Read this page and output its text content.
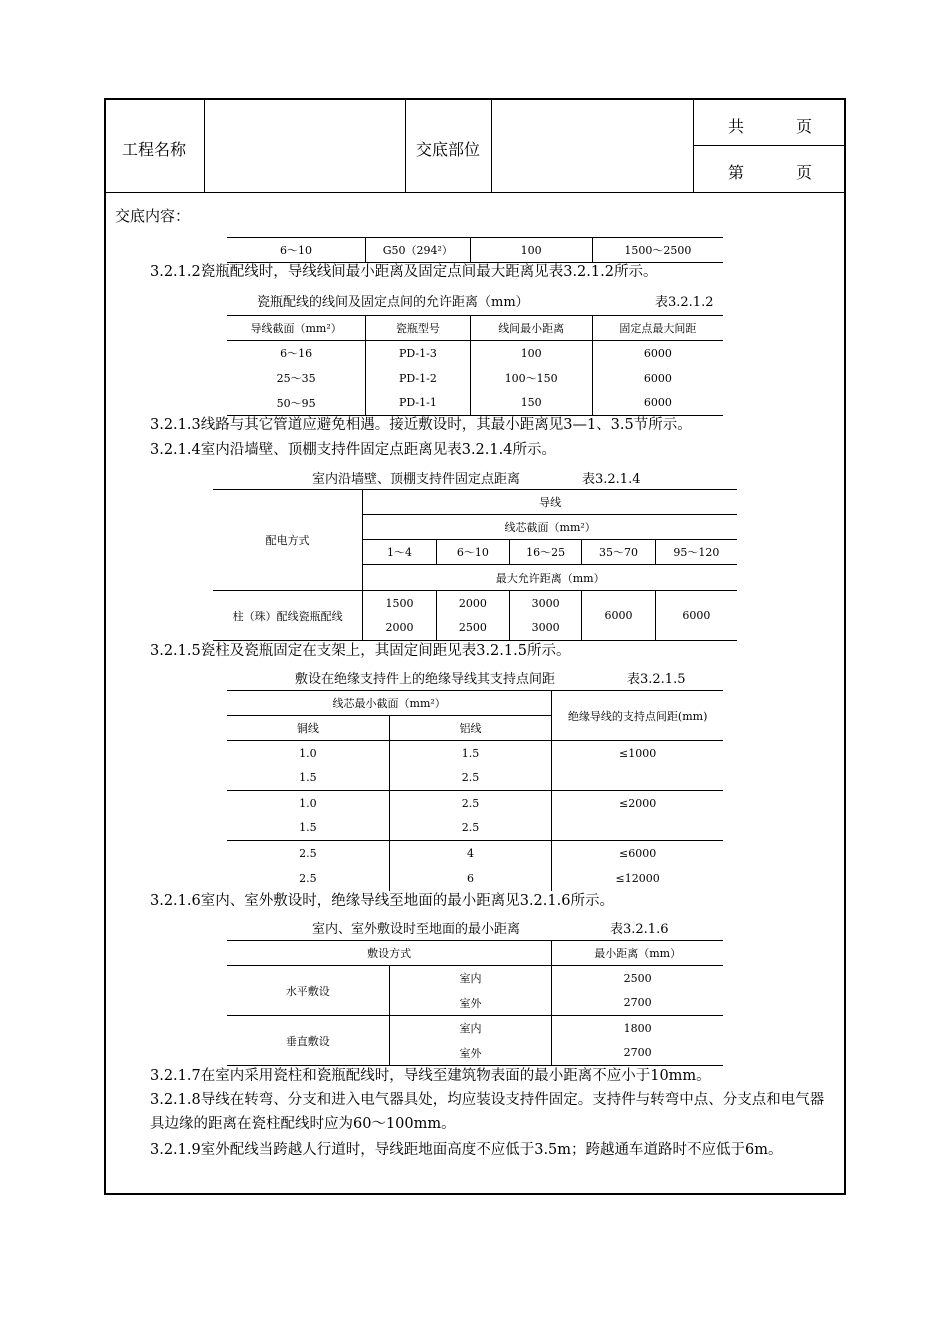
工程名称	交底部位
共	页
第	页
交底内容：
6～10	G50（294²）	100	1500～2500
3.2.1.2瓷瓶配线时，导线线间最小距离及固定点间最大距离见表3.2.1.2所示。
瓷瓶配线的线间及固定点间的允许距离（mm）	表3.2.1.2
导线截面（mm²）	瓷瓶型号	线间最小距离	固定点最大间距
6～16	PD-1-3	100	6000
25～35	PD-1-2	100～150	6000
50～95	PD-1-1	150	6000
3.2.1.3线路与其它管道应避免相遇。接近敷设时，其最小距离见3—1、3.5节所示。
3.2.1.4室内沿墙壁、顶棚支持件固定点距离见表3.2.1.4所示。
室内沿墙壁、顶棚支持件固定点距离	表3.2.1.4
配电方式	导线				
	线芯截面（mm²）				
	1～4	6～10	16～25	35～70	95～120
	最大允许距离（mm）				
柱（珠）配线瓷瓶配线	1500	2000	3000	6000	6000
	2000	2500	3000		
3.2.1.5瓷柱及瓷瓶固定在支架上，其固定间距见表3.2.1.5所示。
敷设在绝缘支持件上的绝缘导线其支持点间距	表3.2.1.5
线芯最小截面（mm²）		绝缘导线的支持点间距(mm)
铜线	铝线	
1.0	1.5	≤1000
1.5	2.5	
1.0	2.5	≤2000
1.5	2.5	
2.5	4	≤6000
2.5	6	≤12000
3.2.1.6室内、室外敷设时，绝缘导线至地面的最小距离见3.2.1.6所示。
室内、室外敷设时至地面的最小距离	表3.2.1.6
敷设方式		最小距离（mm）
水平敷设	室内	2500
	室外	2700
垂直敷设	室内	1800
	室外	2700
3.2.1.7在室内采用瓷柱和瓷瓶配线时，导线至建筑物表面的最小距离不应小于10mm。
3.2.1.8导线在转弯、分支和进入电气器具处，均应装设支持件固定。支持件与转弯中点、分支点和电气器具边缘的距离在瓷柱配线时应为60～100mm。
3.2.1.9室外配线当跨越人行道时，导线距地面高度不应低于3.5m；跨越通车道路时不应低于6m。
